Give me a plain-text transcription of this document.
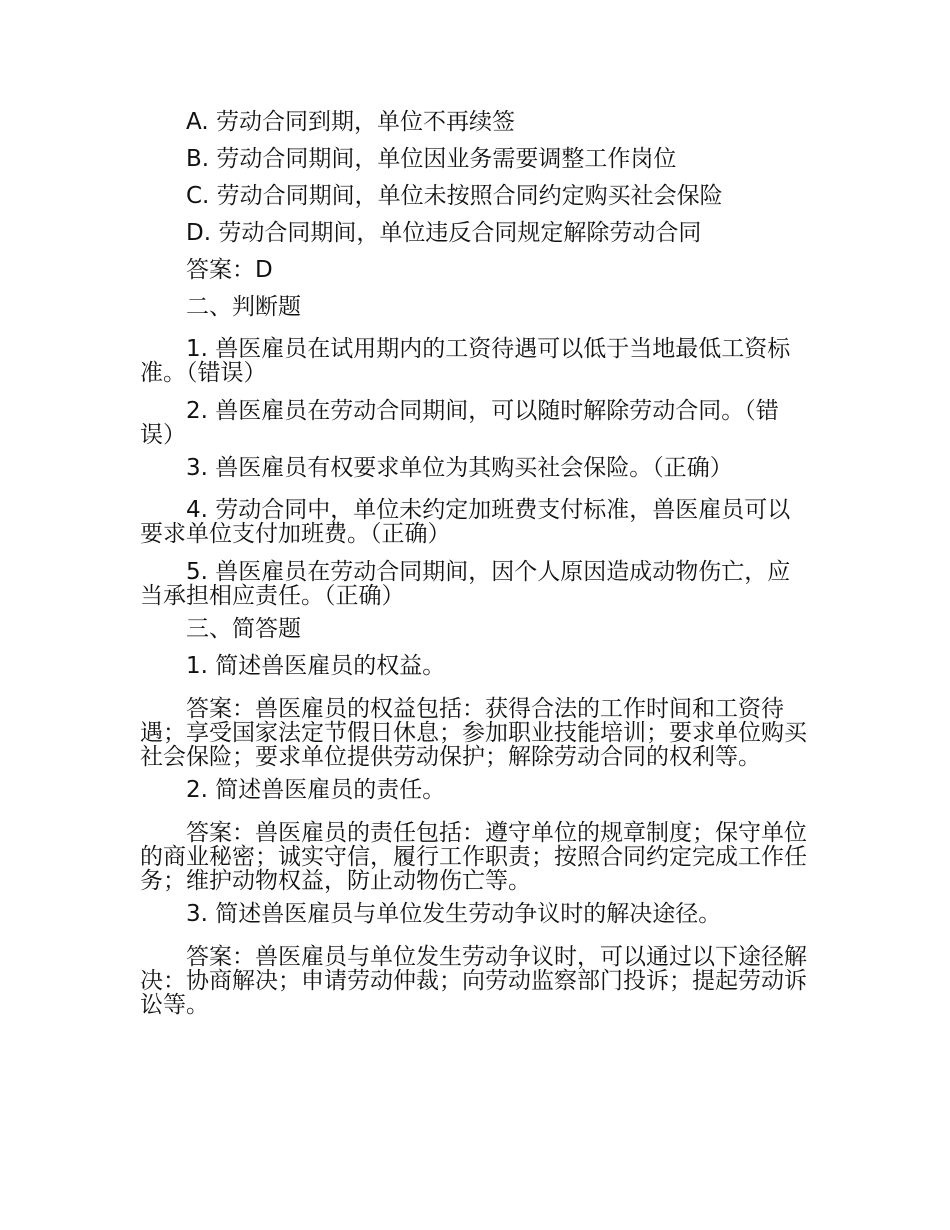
A. 劳动合同到期，单位不再续签

B. 劳动合同期间，单位因业务需要调整工作岗位

C. 劳动合同期间，单位未按照合同约定购买社会保险

D. 劳动合同期间，单位违反合同规定解除劳动合同

答案：D

二、判断题

1. 兽医雇员在试用期内的工资待遇可以低于当地最低工资标准。（错误）

2. 兽医雇员在劳动合同期间，可以随时解除劳动合同。（错误）

3. 兽医雇员有权要求单位为其购买社会保险。（正确）

4. 劳动合同中，单位未约定加班费支付标准，兽医雇员可以要求单位支付加班费。（正确）

5. 兽医雇员在劳动合同期间，因个人原因造成动物伤亡，应当承担相应责任。（正确）

三、简答题

1. 简述兽医雇员的权益。

答案：兽医雇员的权益包括：获得合法的工作时间和工资待遇；享受国家法定节假日休息；参加职业技能培训；要求单位购买社会保险；要求单位提供劳动保护；解除劳动合同的权利等。

2. 简述兽医雇员的责任。

答案：兽医雇员的责任包括：遵守单位的规章制度；保守单位的商业秘密；诚实守信，履行工作职责；按照合同约定完成工作任务；维护动物权益，防止动物伤亡等。

3. 简述兽医雇员与单位发生劳动争议时的解决途径。

答案：兽医雇员与单位发生劳动争议时，可以通过以下途径解决：协商解决；申请劳动仲裁；向劳动监察部门投诉；提起劳动诉讼等。
